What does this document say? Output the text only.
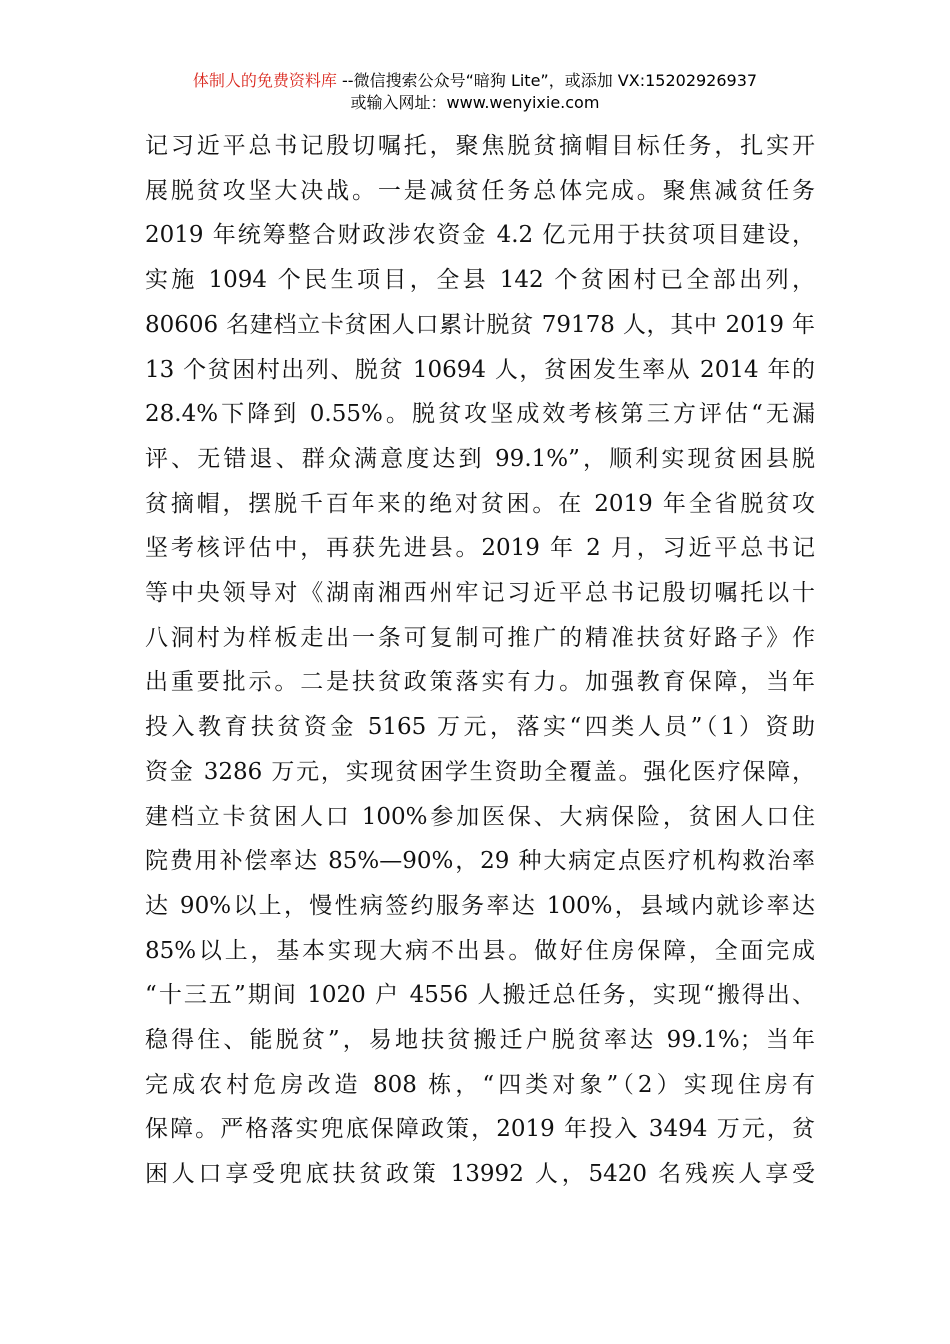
体制人的免费资料库 --微信搜索公众号“暗狗 Lite”，或添加 VX:15202926937
或输入网址：www.wenyixie.com
记习近平总书记殷切嘱托，聚焦脱贫摘帽目标任务，扎实开
展脱贫攻坚大决战。一是减贫任务总体完成。聚焦减贫任务
2019 年统筹整合财政涉农资金 4.2 亿元用于扶贫项目建设，
实施 1094 个民生项目，全县 142 个贫困村已全部出列，
80606 名建档立卡贫困人口累计脱贫 79178 人，其中 2019 年
13 个贫困村出列、脱贫 10694 人，贫困发生率从 2014 年的
28.4%下降到 0.55%。脱贫攻坚成效考核第三方评估“无漏
评、无错退、群众满意度达到 99.1%”，顺利实现贫困县脱
贫摘帽，摆脱千百年来的绝对贫困。在 2019 年全省脱贫攻
坚考核评估中，再获先进县。2019 年 2 月，习近平总书记
等中央领导对《湖南湘西州牢记习近平总书记殷切嘱托以十
八洞村为样板走出一条可复制可推广的精准扶贫好路子》作
出重要批示。二是扶贫政策落实有力。加强教育保障，当年
投入教育扶贫资金 5165 万元，落实“四类人员”（1）资助
资金 3286 万元，实现贫困学生资助全覆盖。强化医疗保障，
建档立卡贫困人口 100%参加医保、大病保险，贫困人口住
院费用补偿率达 85%—90%，29 种大病定点医疗机构救治率
达 90%以上，慢性病签约服务率达 100%，县域内就诊率达
85%以上，基本实现大病不出县。做好住房保障，全面完成
“十三五”期间 1020 户 4556 人搬迁总任务，实现“搬得出、
稳得住、能脱贫”，易地扶贫搬迁户脱贫率达 99.1%；当年
完成农村危房改造 808 栋，“四类对象”（2）实现住房有
保障。严格落实兜底保障政策，2019 年投入 3494 万元，贫
困人口享受兜底扶贫政策 13992 人，5420 名残疾人享受
